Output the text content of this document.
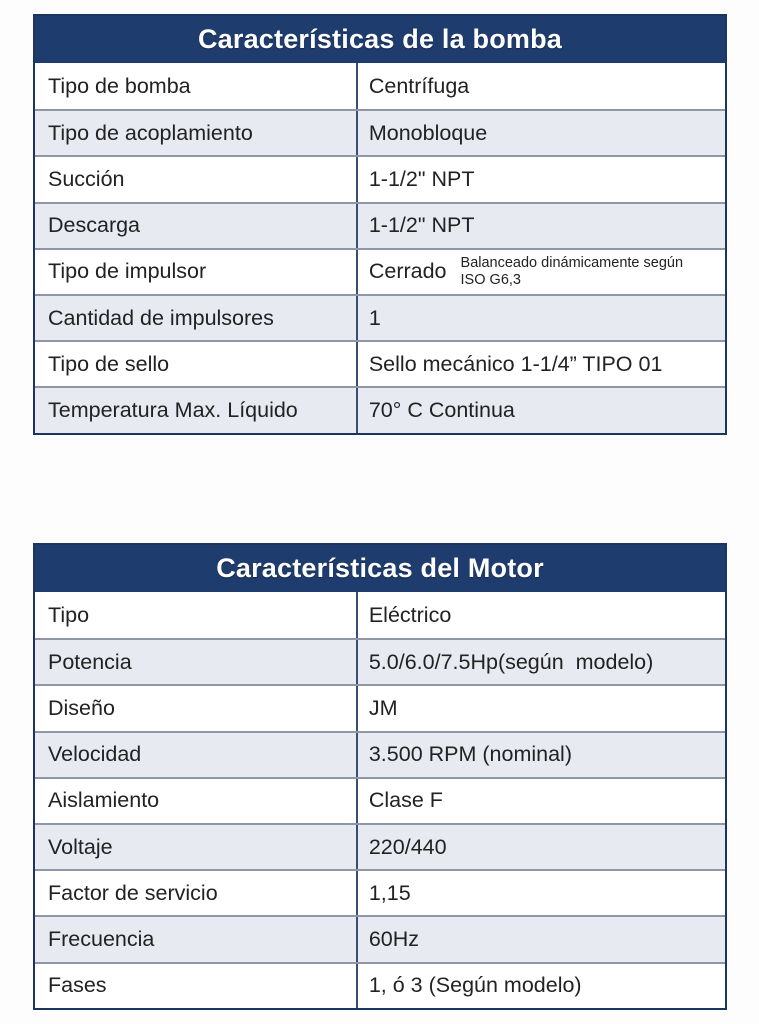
Características de la bomba
Tipo de bomba	Centrífuga
Tipo de acoplamiento	Monobloque
Succión	1-1/2" NPT
Descarga	1-1/2" NPT
Tipo de impulsor	Cerrado Balanceado dinámicamente según ISO G6,3
Cantidad de impulsores	1
Tipo de sello	Sello mecánico 1-1/4” TIPO 01
Temperatura Max. Líquido	70° C Continua
Características del Motor
Tipo	Eléctrico
Potencia	5.0/6.0/7.5Hp(según  modelo)
Diseño	JM
Velocidad	3.500 RPM (nominal)
Aislamiento	Clase F
Voltaje	220/440
Factor de servicio	1,15
Frecuencia	60Hz
Fases	1, ó 3 (Según modelo)
